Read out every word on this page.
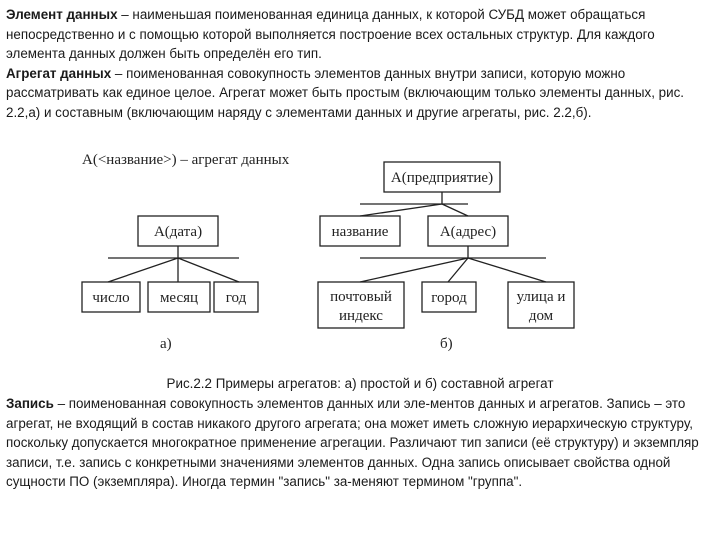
Элемент данных – наименьшая поименованная единица данных, к которой СУБД может обращаться непосредственно и с помощью которой выполняется построение всех остальных структур. Для каждого элемента данных должен быть определён его тип.
Агрегат данных – поименованная совокупность элементов данных внутри записи, которую можно рассматривать как единое целое. Агрегат может быть простым (включающим только элементы данных, рис. 2.2,а) и составным (включающим наряду с элементами данных и другие агрегаты, рис. 2.2,б).

A(<название>) – агрегат данных
A(дата)
число месяц год
а)
A(предприятие)
название	A(адрес)
почтовый
индекс
город	улица и
дом
б)
Рис.2.2 Примеры агрегатов: а) простой и б) составной агрегат

Запись – поименованная совокупность элементов данных или эле-ментов данных и агрегатов. Запись – это агрегат, не входящий в состав никакого другого агрегата; она может иметь сложную иерархическую структуру, поскольку допускается многократное применение агрегации. Различают тип записи (её структуру) и экземпляр записи, т.е. запись с конкретными значениями элементов данных. Одна запись описывает свойства одной сущности ПО (экземпляра). Иногда термин "запись" за-меняют термином "группа".
